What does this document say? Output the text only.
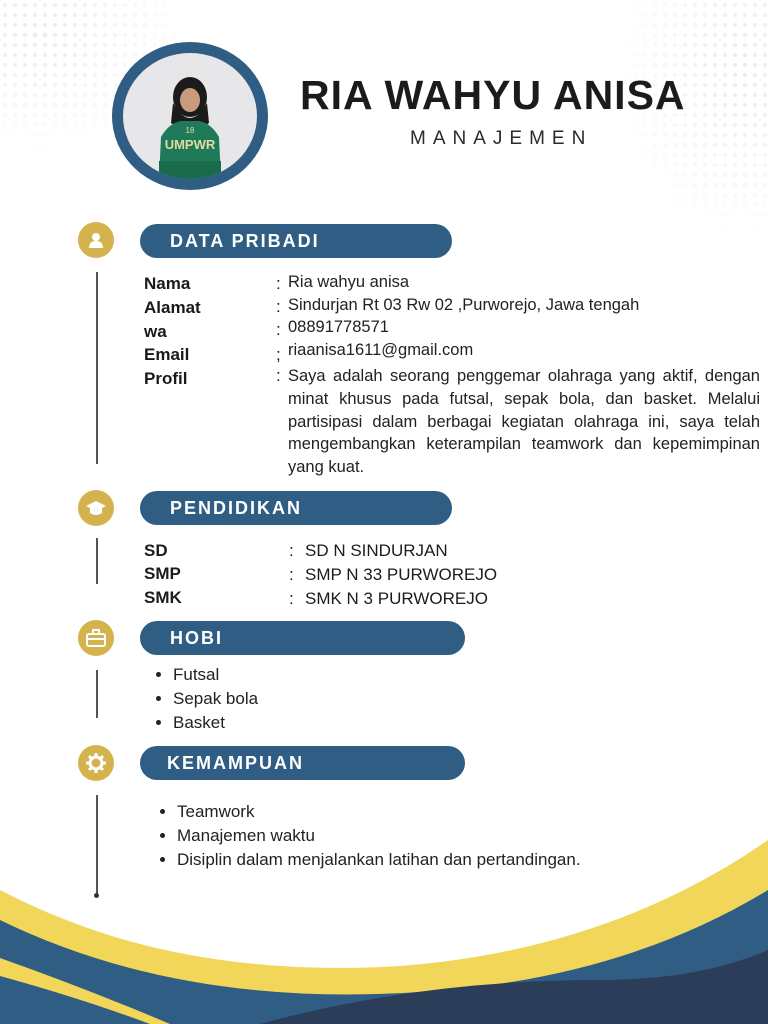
UMPWR
18
RIA WAHYU ANISA
MANAJEMEN
DATA PRIBADI
Nama	: Ria wahyu anisa
Alamat	: Sindurjan Rt 03 Rw 02 ,Purworejo, Jawa tengah
wa	: 08891778571
Email	; riaanisa1611@gmail.com
Profil	: Saya adalah seorang penggemar olahraga yang aktif, dengan minat khusus pada futsal, sepak bola, dan basket. Melalui partisipasi dalam berbagai kegiatan olahraga ini, saya telah mengembangkan keterampilan teamwork dan kepemimpinan yang kuat.
PENDIDIKAN
SD	: SD N SINDURJAN
SMP	: SMP N 33 PURWOREJO
SMK	: SMK N 3 PURWOREJO
HOBI
• Futsal
• Sepak bola
• Basket
KEMAMPUAN
• Teamwork
• Manajemen waktu
• Disiplin dalam menjalankan latihan dan pertandingan.
